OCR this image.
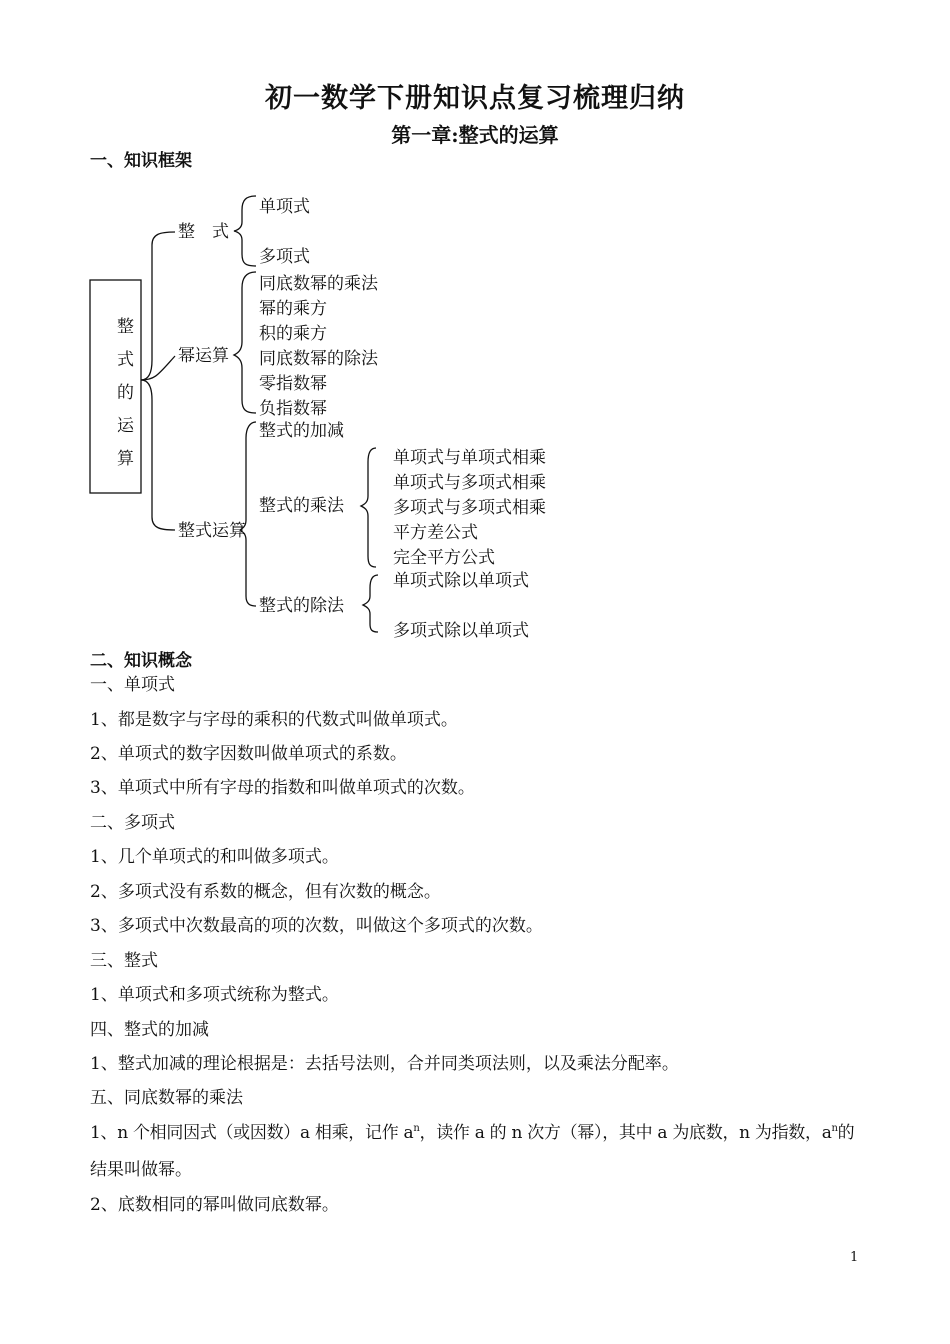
初一数学下册知识点复习梳理归纳
第一章:整式的运算
一、知识框架
整
式
的
运
算
整　式
单项式
多项式
幂运算
同底数幂的乘法
幂的乘方
积的乘方
同底数幂的除法
零指数幂
负指数幂
整式运算
整式的加减
整式的乘法
单项式与单项式相乘
单项式与多项式相乘
多项式与多项式相乘
平方差公式
完全平方公式
整式的除法
单项式除以单项式
多项式除以单项式
二、知识概念
一、单项式
1、都是数字与字母的乘积的代数式叫做单项式。
2、单项式的数字因数叫做单项式的系数。
3、单项式中所有字母的指数和叫做单项式的次数。
二、多项式
1、几个单项式的和叫做多项式。
2、多项式没有系数的概念，但有次数的概念。
3、多项式中次数最高的项的次数，叫做这个多项式的次数。
三、整式
1、单项式和多项式统称为整式。
四、整式的加减
1、整式加减的理论根据是：去括号法则，合并同类项法则，以及乘法分配率。
五、同底数幂的乘法
1、n 个相同因式（或因数）a 相乘，记作 $a^n$，读作 a 的 n 次方（幂），其中 a 为底数，n 为指数，$a^n$的
结果叫做幂。
2、底数相同的幂叫做同底数幂。
1
